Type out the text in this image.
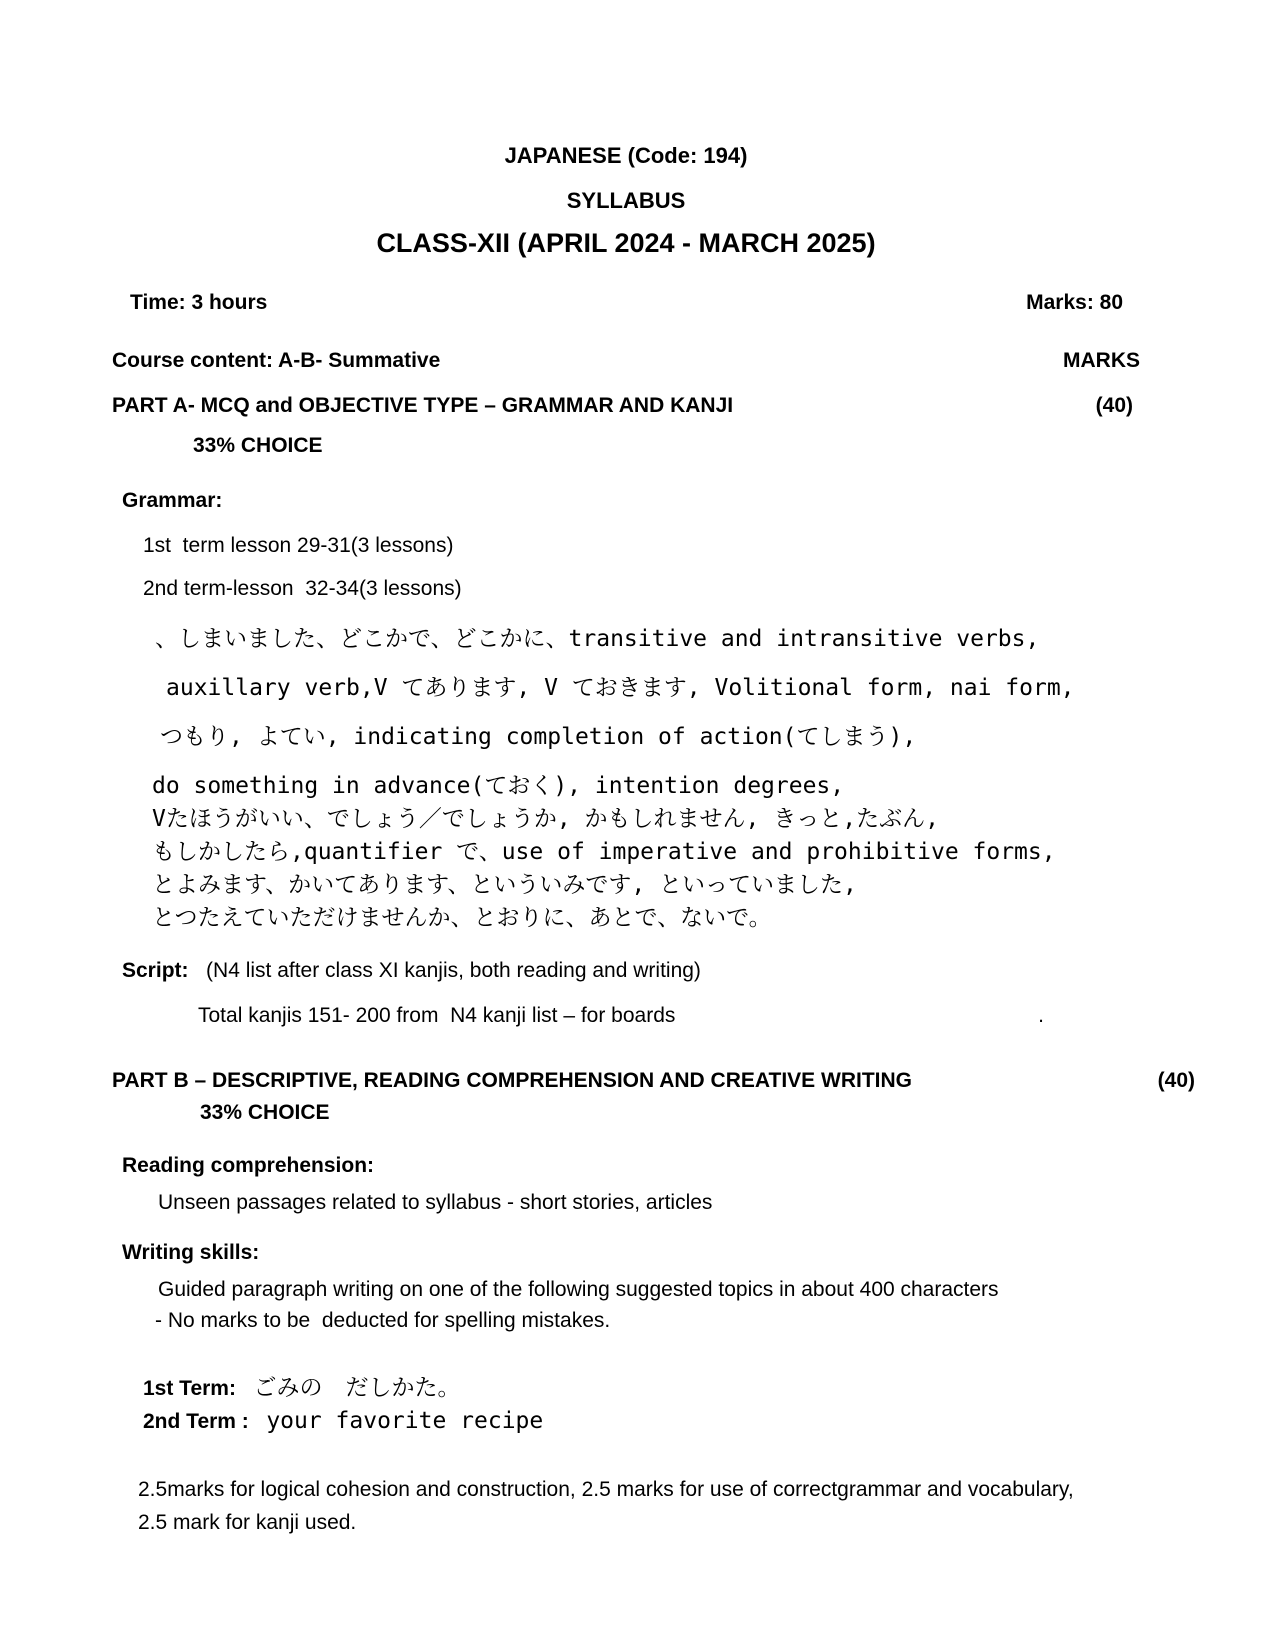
JAPANESE (Code: 194)
SYLLABUS
CLASS-XII (APRIL 2024 - MARCH 2025)
Time: 3 hours	Marks: 80
Course content: A-B- Summative	MARKS
PART A- MCQ and OBJECTIVE TYPE – GRAMMAR AND KANJI	(40)
33% CHOICE
Grammar:
1st  term lesson 29-31(3 lessons)
2nd term-lesson  32-34(3 lessons)
、しまいました、どこかで、どこかに、transitive and intransitive verbs,
auxillary verb,V てあります, V ておきます, Volitional form, nai form,
つもり, よてい, indicating completion of action(てしまう),
do something in advance(ておく), intention degrees,
Vたほうがいい、でしょう／でしょうか, かもしれません, きっと,たぶん,
もしかしたら,quantifier で、use of imperative and prohibitive forms,
とよみます、かいてあります、といういみです, といっていました,
とつたえていただけませんか、とおりに、あとで、ないで。
Script:   (N4 list after class XI kanjis, both reading and writing)
Total kanjis 151- 200 from  N4 kanji list – for boards	.
PART B – DESCRIPTIVE, READING COMPREHENSION AND CREATIVE WRITING	(40)
33% CHOICE
Reading comprehension:
Unseen passages related to syllabus - short stories, articles
Writing skills:
Guided paragraph writing on one of the following suggested topics in about 400 characters
- No marks to be  deducted for spelling mistakes.
1st Term:   ごみの　だしかた。
2nd Term :   your favorite recipe
2.5marks for logical cohesion and construction, 2.5 marks for use of correctgrammar and vocabulary,
2.5 mark for kanji used.
